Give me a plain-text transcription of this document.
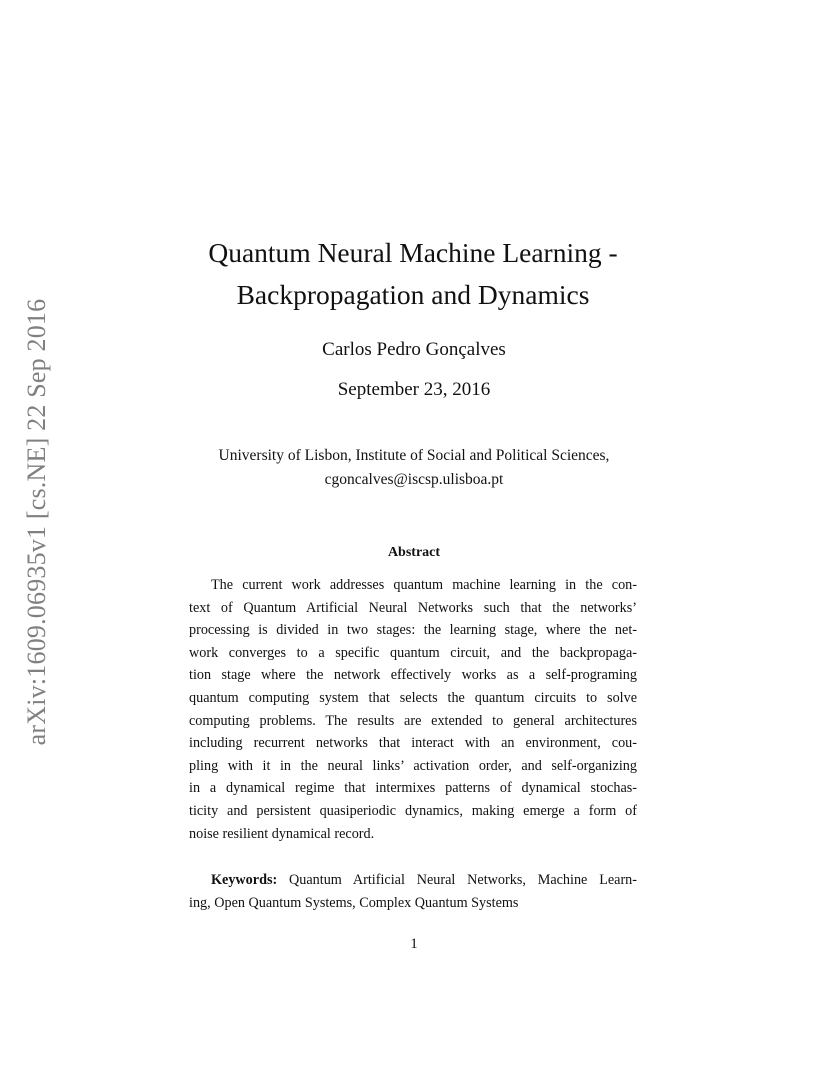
arXiv:1609.06935v1 [cs.NE] 22 Sep 2016
Quantum Neural Machine Learning -
Backpropagation and Dynamics
Carlos Pedro Gonçalves
September 23, 2016
University of Lisbon, Institute of Social and Political Sciences,
cgoncalves@iscsp.ulisboa.pt
Abstract
The current work addresses quantum machine learning in the con-
text of Quantum Artificial Neural Networks such that the networks’
processing is divided in two stages: the learning stage, where the net-
work converges to a specific quantum circuit, and the backpropaga-
tion stage where the network effectively works as a self-programing
quantum computing system that selects the quantum circuits to solve
computing problems. The results are extended to general architectures
including recurrent networks that interact with an environment, cou-
pling with it in the neural links’ activation order, and self-organizing
in a dynamical regime that intermixes patterns of dynamical stochas-
ticity and persistent quasiperiodic dynamics, making emerge a form of
noise resilient dynamical record.
Keywords: Quantum Artificial Neural Networks, Machine Learn-
ing, Open Quantum Systems, Complex Quantum Systems
1
